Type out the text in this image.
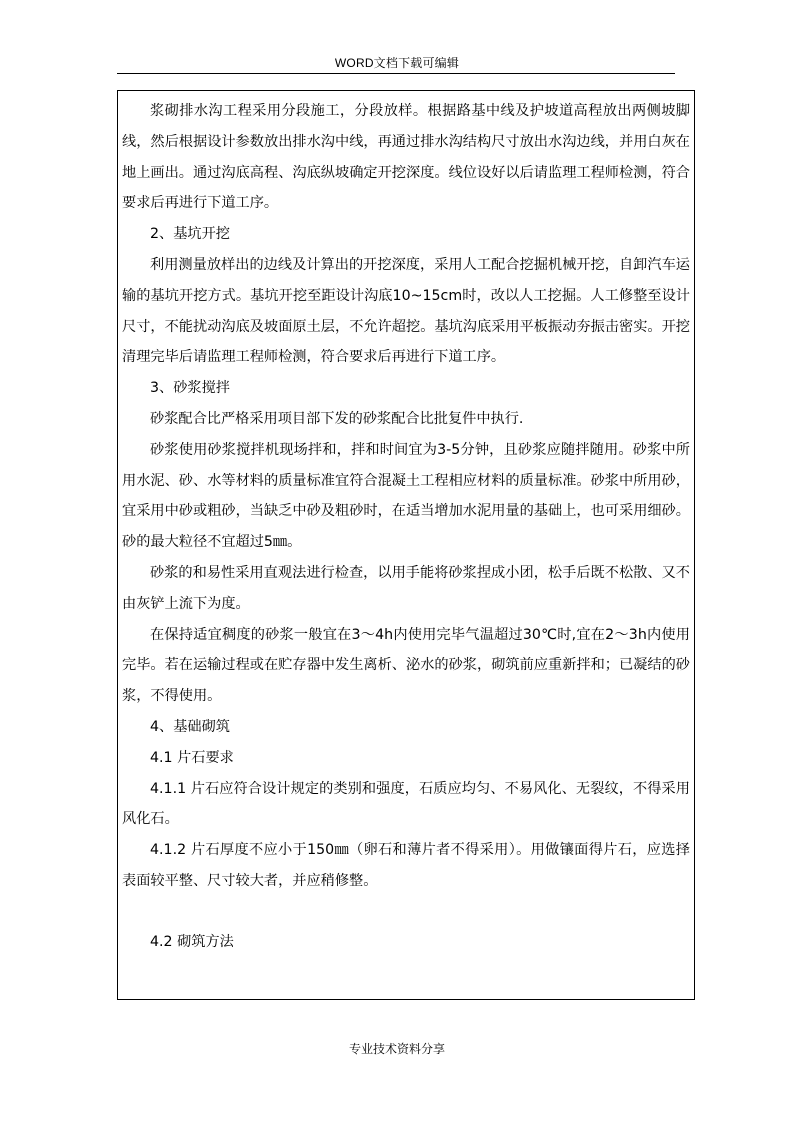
WORD文档下载可编辑

浆砌排水沟工程采用分段施工，分段放样。根据路基中线及护坡道高程放出两侧坡脚线，然后根据设计参数放出排水沟中线，再通过排水沟结构尺寸放出水沟边线，并用白灰在地上画出。通过沟底高程、沟底纵坡确定开挖深度。线位设好以后请监理工程师检测，符合要求后再进行下道工序。

2、基坑开挖

利用测量放样出的边线及计算出的开挖深度，采用人工配合挖掘机械开挖，自卸汽车运输的基坑开挖方式。基坑开挖至距设计沟底10~15cm时，改以人工挖掘。人工修整至设计尺寸，不能扰动沟底及坡面原土层，不允许超挖。基坑沟底采用平板振动夯振击密实。开挖清理完毕后请监理工程师检测，符合要求后再进行下道工序。

3、砂浆搅拌

砂浆配合比严格采用项目部下发的砂浆配合比批复件中执行.

砂浆使用砂浆搅拌机现场拌和，拌和时间宜为3-5分钟，且砂浆应随拌随用。砂浆中所用水泥、砂、水等材料的质量标准宜符合混凝土工程相应材料的质量标准。砂浆中所用砂，宜采用中砂或粗砂，当缺乏中砂及粗砂时，在适当增加水泥用量的基础上，也可采用细砂。砂的最大粒径不宜超过5㎜。

砂浆的和易性采用直观法进行检查，以用手能将砂浆捏成小团，松手后既不松散、又不由灰铲上流下为度。

在保持适宜稠度的砂浆一般宜在3～4h内使用完毕气温超过30℃时,宜在2～3h内使用完毕。若在运输过程或在贮存器中发生离析、泌水的砂浆，砌筑前应重新拌和；已凝结的砂浆，不得使用。

4、基础砌筑

4.1 片石要求

4.1.1 片石应符合设计规定的类别和强度，石质应均匀、不易风化、无裂纹，不得采用风化石。

4.1.2 片石厚度不应小于150㎜（卵石和薄片者不得采用）。用做镶面得片石，应选择表面较平整、尺寸较大者，并应稍修整。

4.2 砌筑方法

专业技术资料分享
